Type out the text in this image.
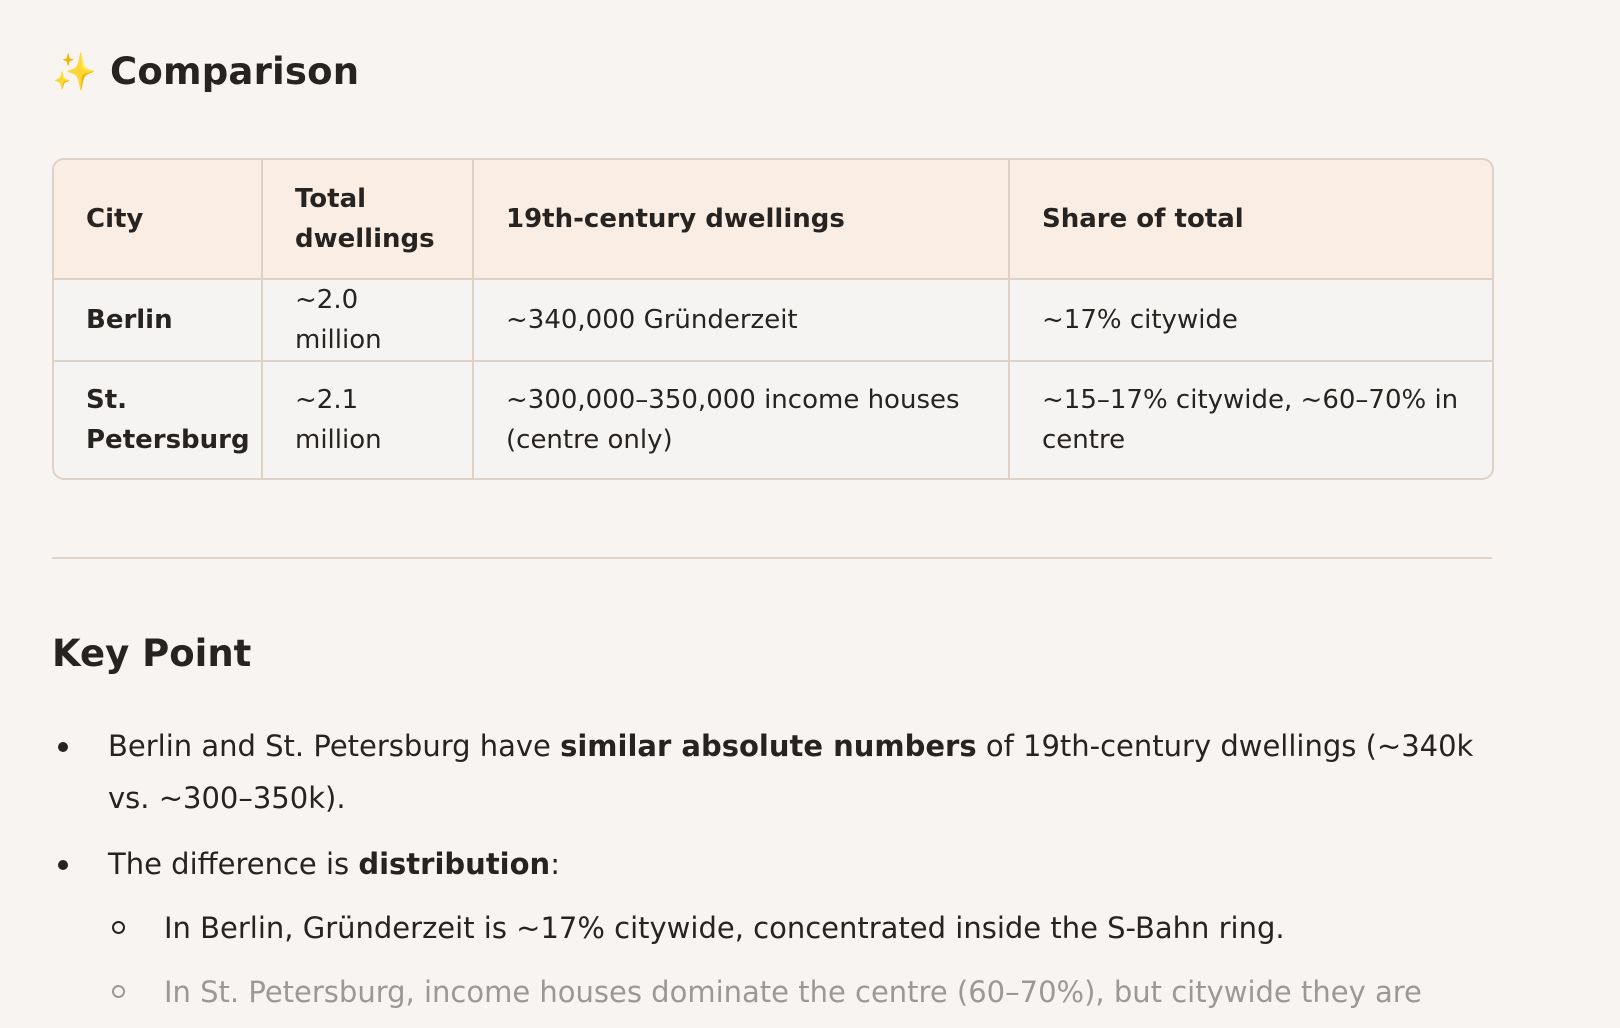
✨ Comparison
City	Total dwellings	19th-century dwellings	Share of total
Berlin	~2.0 million	~340,000 Gründerzeit	~17% citywide
St. Petersburg	~2.1 million	~300,000–350,000 income houses (centre only)	~15–17% citywide, ~60–70% in centre
Key Point
Berlin and St. Petersburg have similar absolute numbers of 19th-century dwellings (~340k vs. ~300–350k).
The difference is distribution:
In Berlin, Gründerzeit is ~17% citywide, concentrated inside the S-Bahn ring.
In St. Petersburg, income houses dominate the centre (60–70%), but citywide they are
